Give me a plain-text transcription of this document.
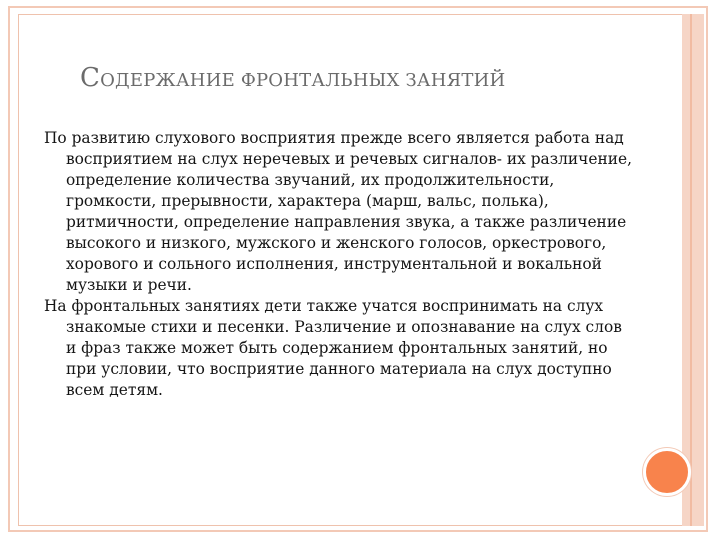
СОДЕРЖАНИЕ ФРОНТАЛЬНЫХ ЗАНЯТИЙ

По развитию слухового восприятия прежде всего является работа над восприятием на слух неречевых и речевых сигналов- их различение, определение количества звучаний, их продолжительности, громкости, прерывности, характера (марш, вальс, полька), ритмичности, определение направления звука, а также различение высокого и низкого, мужского и женского голосов, оркестрового, хорового и сольного исполнения, инструментальной и вокальной музыки и речи.

На фронтальных занятиях дети также учатся воспринимать на слух знакомые стихи и песенки. Различение и опознавание на слух слов и фраз также может быть содержанием фронтальных занятий, но при условии, что восприятие данного материала на слух доступно всем детям.
